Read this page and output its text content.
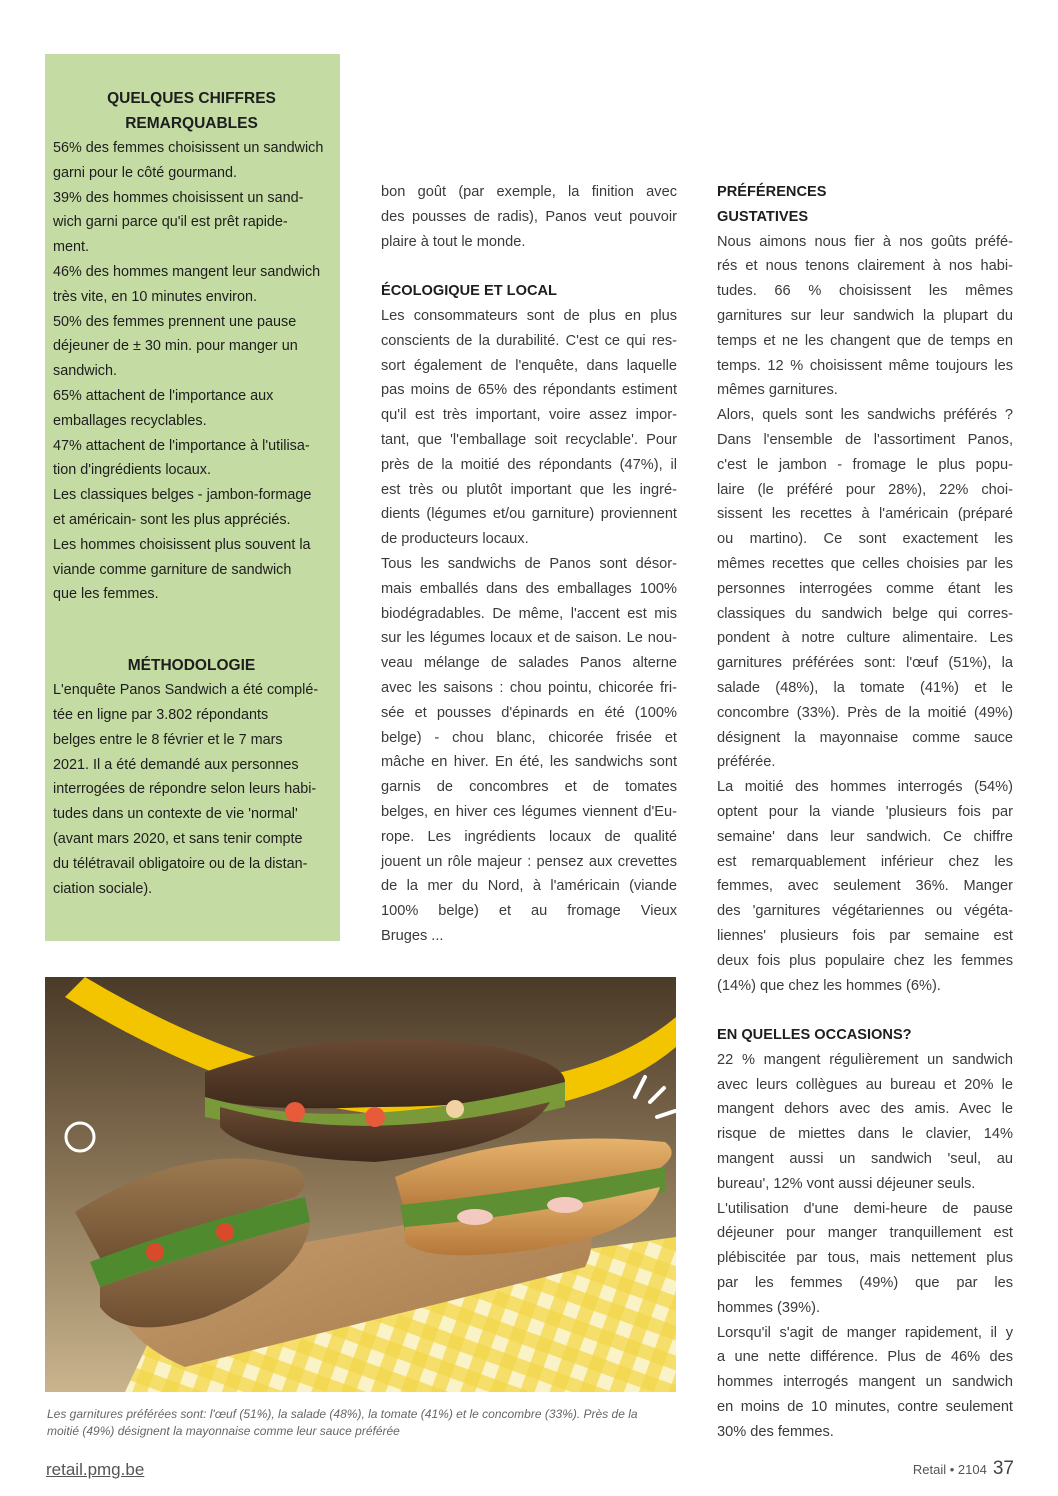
QUELQUES CHIFFRES
REMARQUABLES
56% des femmes choisissent un sandwich
garni pour le côté gourmand.
39% des hommes choisissent un sand-
wich garni parce qu'il est prêt rapide-
ment.
46% des hommes mangent leur sandwich
très vite, en 10 minutes environ.
50% des femmes prennent une pause
déjeuner de ± 30 min. pour manger un
sandwich.
65% attachent de l'importance aux
emballages recyclables.
47% attachent de l'importance à l'utilisa-
tion d'ingrédients locaux.
Les classiques belges - jambon-formage
et américain- sont les plus appréciés.
Les hommes choisissent plus souvent la
viande comme garniture de sandwich
que les femmes.
MÉTHODOLOGIE
L'enquête Panos Sandwich a été complé-
tée en ligne par 3.802 répondants
belges entre le 8 février et le 7 mars
2021. Il a été demandé aux personnes
interrogées de répondre selon leurs habi-
tudes dans un contexte de vie 'normal'
(avant mars 2020, et sans tenir compte
du télétravail obligatoire ou de la distan-
ciation sociale).
bon goût (par exemple, la finition avec
des pousses de radis), Panos veut pouvoir
plaire à tout le monde.
ÉCOLOGIQUE ET LOCAL
Les consommateurs sont de plus en plus
conscients de la durabilité. C'est ce qui res-
sort également de l'enquête, dans laquelle
pas moins de 65% des répondants estiment
qu'il est très important, voire assez impor-
tant, que 'l'emballage soit recyclable'. Pour
près de la moitié des répondants (47%), il
est très ou plutôt important que les ingré-
dients (légumes et/ou garniture) proviennent
de producteurs locaux.
Tous les sandwichs de Panos sont désor-
mais emballés dans des emballages 100%
biodégradables. De même, l'accent est mis
sur les légumes locaux et de saison. Le nou-
veau mélange de salades Panos alterne
avec les saisons : chou pointu, chicorée fri-
sée et pousses d'épinards en été (100%
belge) - chou blanc, chicorée frisée et
mâche en hiver. En été, les sandwichs sont
garnis de concombres et de tomates
belges, en hiver ces légumes viennent d'Eu-
rope. Les ingrédients locaux de qualité
jouent un rôle majeur : pensez aux crevettes
de la mer du Nord, à l'américain (viande
100% belge) et au fromage Vieux
Bruges ...
PRÉFÉRENCES
GUSTATIVES
Nous aimons nous fier à nos goûts préfé-
rés et nous tenons clairement à nos habi-
tudes. 66 % choisissent les mêmes
garnitures sur leur sandwich la plupart du
temps et ne les changent que de temps en
temps. 12 % choisissent même toujours les
mêmes garnitures.
Alors, quels sont les sandwichs préférés ?
Dans l'ensemble de l'assortiment Panos,
c'est le jambon - fromage le plus popu-
laire (le préféré pour 28%), 22% choi-
sissent les recettes à l'américain (préparé
ou martino). Ce sont exactement les
mêmes recettes que celles choisies par les
personnes interrogées comme étant les
classiques du sandwich belge qui corres-
pondent à notre culture alimentaire. Les
garnitures préférées sont: l'œuf (51%), la
salade (48%), la tomate (41%) et le
concombre (33%). Près de la moitié (49%)
désignent la mayonnaise comme sauce
préférée.
La moitié des hommes interrogés (54%)
optent pour la viande 'plusieurs fois par
semaine' dans leur sandwich. Ce chiffre
est remarquablement inférieur chez les
femmes, avec seulement 36%. Manger
des 'garnitures végétariennes ou végéta-
liennes' plusieurs fois par semaine est
deux fois plus populaire chez les femmes
(14%) que chez les hommes (6%).
EN QUELLES OCCASIONS?
22 % mangent régulièrement un sandwich
avec leurs collègues au bureau et 20% le
mangent dehors avec des amis. Avec le
risque de miettes dans le clavier, 14%
mangent aussi un sandwich 'seul, au
bureau', 12% vont aussi déjeuner seuls.
L'utilisation d'une demi-heure de pause
déjeuner pour manger tranquillement est
plébiscitée par tous, mais nettement plus
par les femmes (49%) que par les
hommes (39%).
Lorsqu'il s'agit de manger rapidement, il y
a une nette différence. Plus de 46% des
hommes interrogés mangent un sandwich
en moins de 10 minutes, contre seulement
30% des femmes.
Les garnitures préférées sont: l'œuf (51%), la salade (48%), la tomate (41%) et le concombre (33%). Près de la
moitié (49%) désignent la mayonnaise comme leur sauce préférée
retail.pmg.be	Retail • 2104 37
